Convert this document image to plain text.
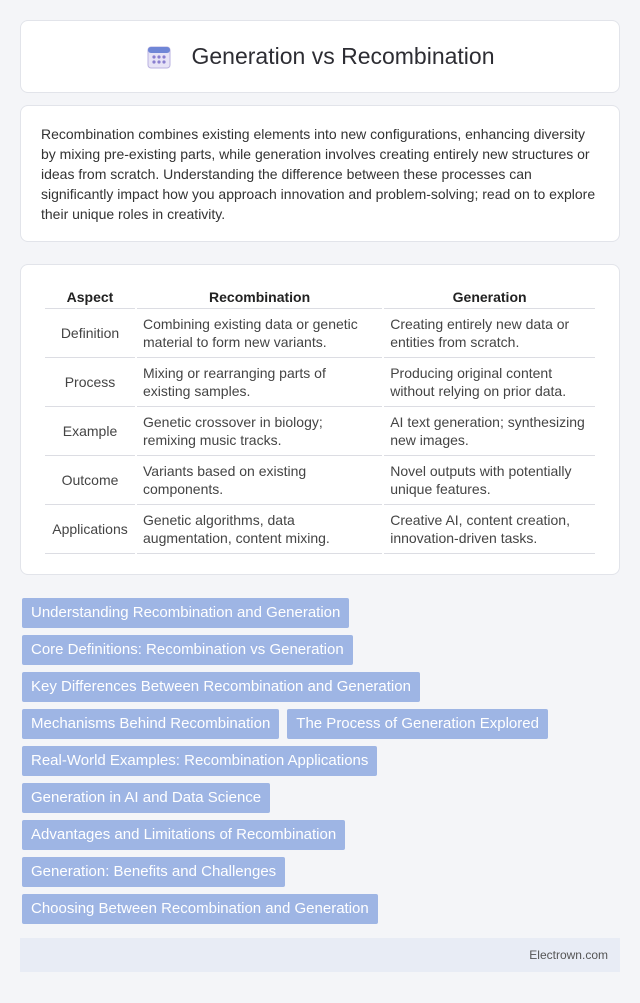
Generation vs Recombination

Recombination combines existing elements into new configurations, enhancing diversity by mixing pre-existing parts, while generation involves creating entirely new structures or ideas from scratch. Understanding the difference between these processes can significantly impact how you approach innovation and problem-solving; read on to explore their unique roles in creativity.

Aspect	Recombination	Generation
Definition	Combining existing data or genetic material to form new variants.	Creating entirely new data or entities from scratch.
Process	Mixing or rearranging parts of existing samples.	Producing original content without relying on prior data.
Example	Genetic crossover in biology; remixing music tracks.	AI text generation; synthesizing new images.
Outcome	Variants based on existing components.	Novel outputs with potentially unique features.
Applications	Genetic algorithms, data augmentation, content mixing.	Creative AI, content creation, innovation-driven tasks.
Understanding Recombination and Generation
Core Definitions: Recombination vs Generation
Key Differences Between Recombination and Generation
Mechanisms Behind Recombination	The Process of Generation Explored
Real-World Examples: Recombination Applications
Generation in AI and Data Science
Advantages and Limitations of Recombination
Generation: Benefits and Challenges
Choosing Between Recombination and Generation
Electrown.com
